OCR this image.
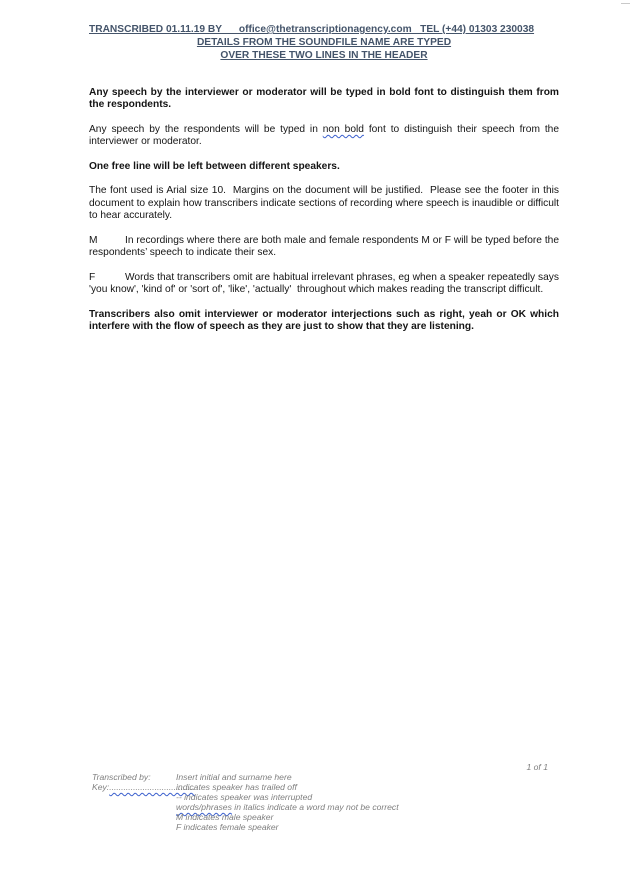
TRANSCRIBED 01.11.19 BY      office@thetranscriptionagency.com   TEL (+44) 01303 230038
DETAILS FROM THE SOUNDFILE NAME ARE TYPED
OVER THESE TWO LINES IN THE HEADER

Any speech by the interviewer or moderator will be typed in bold font to distinguish them from the respondents.

Any speech by the respondents will be typed in non bold font to distinguish their speech from the interviewer or moderator.

One free line will be left between different speakers.

The font used is Arial size 10.  Margins on the document will be justified.  Please see the footer in this document to explain how transcribers indicate sections of recording where speech is inaudible or difficult to hear accurately.

M	In recordings where there are both male and female respondents M or F will be typed before the respondents’ speech to indicate their sex.

F	Words that transcribers omit are habitual irrelevant phrases, eg when a speaker repeatedly says 'you know', 'kind of' or 'sort of', 'like', 'actually'  throughout which makes reading the transcript difficult.

Transcribers also omit interviewer or moderator interjections such as right, yeah or OK which interfere with the flow of speech as they are just to show that they are listening.

1 of 1
Transcribed by:	Insert initial and surname here
Key:....................................
indicates speaker has trailed off
-- indicates speaker was interrupted
words/phrases in italics indicate a word may not be correct
M indicates male speaker
F indicates female speaker
